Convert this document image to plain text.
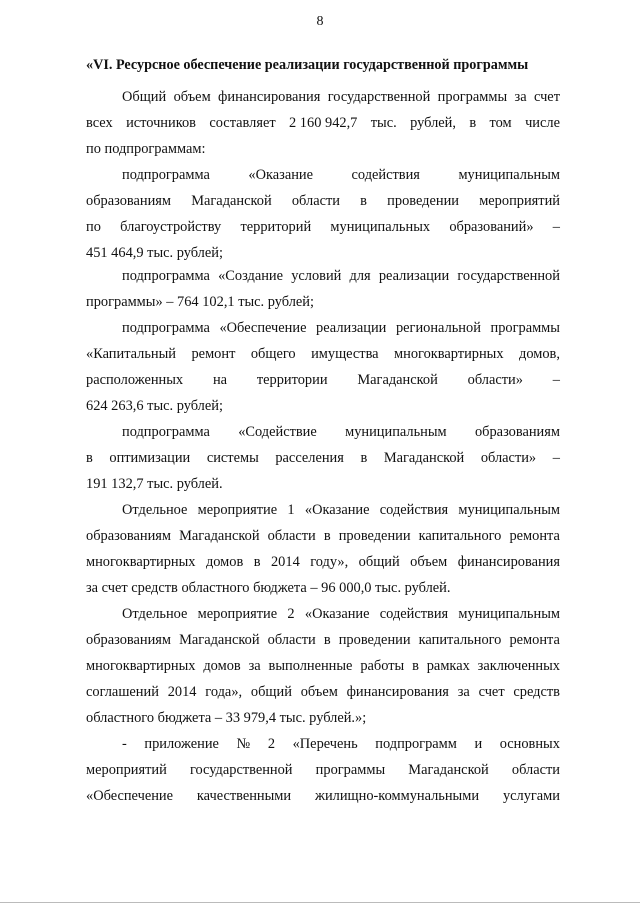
8
«VI. Ресурсное обеспечение реализации государственной программы
Общий объем финансирования государственной программы за счет
всех источников составляет 2 160 942,7 тыс. рублей, в том числе
по подпрограммам:
подпрограмма	«Оказание	содействия	муниципальным
образованиям Магаданской области в проведении мероприятий
по благоустройству территорий муниципальных образований» –
451 464,9 тыс. рублей;
подпрограмма «Создание условий для реализации государственной
программы» – 764 102,1 тыс. рублей;
подпрограмма «Обеспечение реализации региональной программы
«Капитальный ремонт общего имущества многоквартирных домов,
расположенных на территории Магаданской области» –
624 263,6 тыс. рублей;
подпрограмма «Содействие муниципальным образованиям
в оптимизации системы расселения в Магаданской области» –
191 132,7 тыс. рублей.
Отдельное мероприятие 1 «Оказание содействия муниципальным
образованиям Магаданской области в проведении капитального ремонта
многоквартирных домов в 2014 году», общий объем финансирования
за счет средств областного бюджета – 96 000,0 тыс. рублей.
Отдельное мероприятие 2 «Оказание содействия муниципальным
образованиям Магаданской области в проведении капитального ремонта
многоквартирных домов за выполненные работы в рамках заключенных
соглашений 2014 года», общий объем финансирования за счет средств
областного бюджета – 33 979,4 тыс. рублей.»;
- приложение № 2 «Перечень подпрограмм и основных
мероприятий государственной программы Магаданской области
«Обеспечение качественными жилищно-коммунальными услугами
